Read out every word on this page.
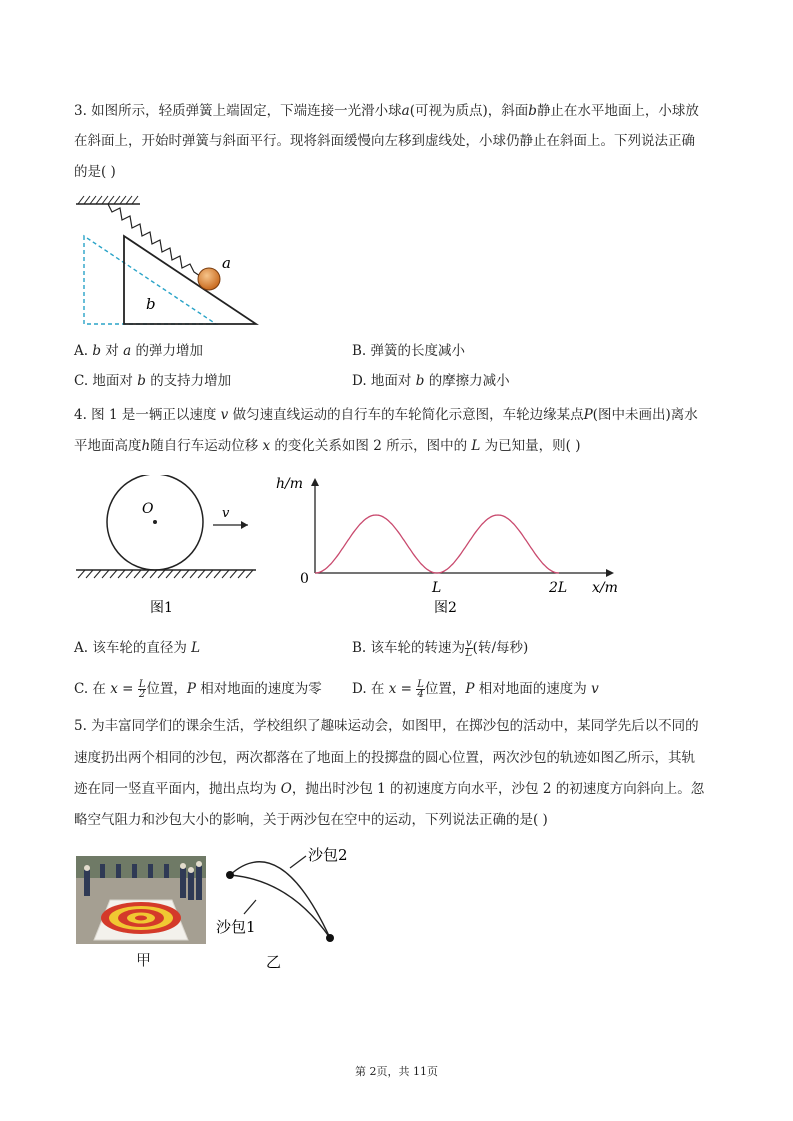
3. 如图所示，轻质弹簧上端固定，下端连接一光滑小球a(可视为质点)，斜面b静止在水平地面上，小球放
在斜面上，开始时弹簧与斜面平行。现将斜面缓慢向左移到虚线处，小球仍静止在斜面上。下列说法正确
的是( )
a
b
A. b 对 a 的弹力增加	B. 弹簧的长度减小
C. 地面对 b 的支持力增加	D. 地面对 b 的摩擦力减小
4. 图 1 是一辆正以速度 v 做匀速直线运动的自行车的车轮简化示意图，车轮边缘某点P(图中未画出)离水
平地面高度h随自行车运动位移 x 的变化关系如图 2 所示，图中的 L 为已知量，则( )
O	v
图1
h/m
x/m
0
L	2L
图2
A. 该车轮的直径为 L	B. 该车轮的转速为 $\frac{v}{L}$ (转/每秒)
C. 在 $x = \frac{L}{2}$ 位置，P 相对地面的速度为零 D. 在 $x = \frac{L}{4}$ 位置，P 相对地面的速度为 v
5. 为丰富同学们的课余生活，学校组织了趣味运动会，如图甲，在掷沙包的活动中，某同学先后以不同的
速度扔出两个相同的沙包，两次都落在了地面上的投掷盘的圆心位置，两次沙包的轨迹如图乙所示，其轨
迹在同一竖直平面内，抛出点均为 O，抛出时沙包 1 的初速度方向水平，沙包 2 的初速度方向斜向上。忽
略空气阻力和沙包大小的影响，关于两沙包在空中的运动，下列说法正确的是( )
甲
沙包2
沙包1
乙
第 2页，共 11页
